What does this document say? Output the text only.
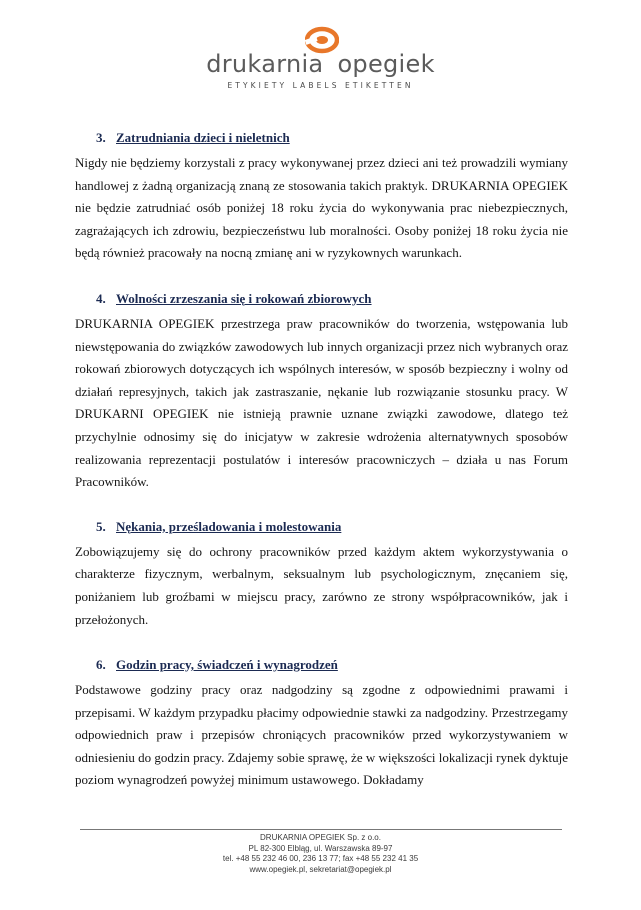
drukarnia opegiek
ETYKIETY LABELS ETIKETTEN
3. Zatrudniania dzieci i nieletnich

Nigdy nie będziemy korzystali z pracy wykonywanej przez dzieci ani też prowadzili wymiany handlowej z żadną organizacją znaną ze stosowania takich praktyk. DRUKARNIA OPEGIEK nie będzie zatrudniać osób poniżej 18 roku życia do wykonywania prac niebezpiecznych, zagrażających ich zdrowiu, bezpieczeństwu lub moralności. Osoby poniżej 18 roku życia nie będą również pracowały na nocną zmianę ani w ryzykownych warunkach.

4. Wolności zrzeszania się i rokowań zbiorowych

DRUKARNIA OPEGIEK przestrzega praw pracowników do tworzenia, wstępowania lub niewstępowania do związków zawodowych lub innych organizacji przez nich wybranych oraz rokowań zbiorowych dotyczących ich wspólnych interesów, w sposób bezpieczny i wolny od działań represyjnych, takich jak zastraszanie, nękanie lub rozwiązanie stosunku pracy. W DRUKARNI OPEGIEK nie istnieją prawnie uznane związki zawodowe, dlatego też przychylnie odnosimy się do inicjatyw w zakresie wdrożenia alternatywnych sposobów realizowania reprezentacji postulatów i interesów pracowniczych – działa u nas Forum Pracowników.

5. Nękania, prześladowania i molestowania

Zobowiązujemy się do ochrony pracowników przed każdym aktem wykorzystywania o charakterze fizycznym, werbalnym, seksualnym lub psychologicznym, znęcaniem się, poniżaniem lub groźbami w miejscu pracy, zarówno ze strony współpracowników, jak i przełożonych.

6. Godzin pracy, świadczeń i wynagrodzeń

Podstawowe godziny pracy oraz nadgodziny są zgodne z odpowiednimi prawami i przepisami. W każdym przypadku płacimy odpowiednie stawki za nadgodziny. Przestrzegamy odpowiednich praw i przepisów chroniących pracowników przed wykorzystywaniem w odniesieniu do godzin pracy. Zdajemy sobie sprawę, że w większości lokalizacji rynek dyktuje poziom wynagrodzeń powyżej minimum ustawowego. Dokładamy

DRUKARNIA OPEGIEK Sp. z o.o.
PL 82-300 Elbląg, ul. Warszawska 89-97
tel. +48 55 232 46 00, 236 13 77; fax +48 55 232 41 35
www.opegiek.pl, sekretariat@opegiek.pl
